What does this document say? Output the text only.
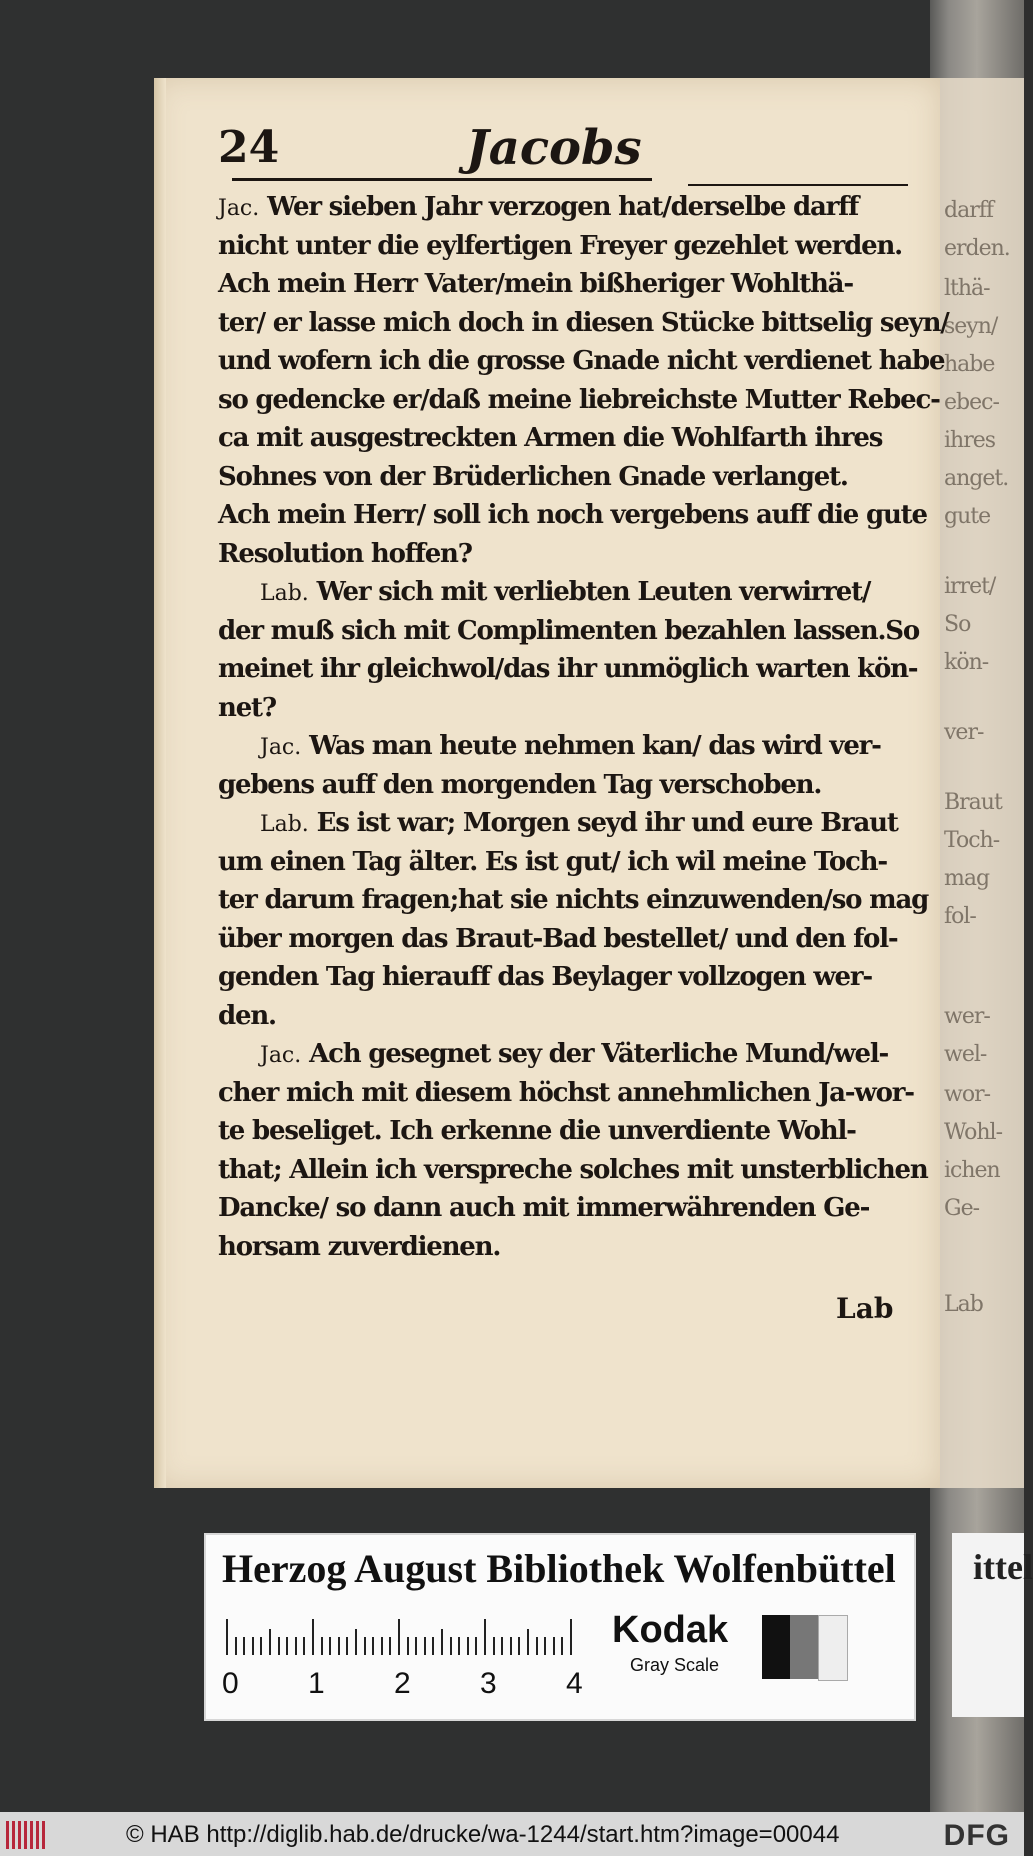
darff
erden.
lthä-
seyn/
habe
ebec-
ihres
anget.
gute
irret/
So
kön-
ver-
Braut
Toch-
mag
fol-
wer-
wel-
wor-
Wohl-
ichen
Ge-
Lab
24	Jacobs
Jac. Wer sieben Jahr verzogen hat/derselbe darff
nicht unter die eylfertigen Freyer gezehlet werden.
Ach mein Herr Vater/mein bißheriger Wohlthä-
ter/ er lasse mich doch in diesen Stücke bittselig seyn/
und wofern ich die grosse Gnade nicht verdienet habe
so gedencke er/daß meine liebreichste Mutter Rebec-
ca mit ausgestreckten Armen die Wohlfarth ihres
Sohnes von der Brüderlichen Gnade verlanget.
Ach mein Herr/ soll ich noch vergebens auff die gute
Resolution hoffen?
Lab. Wer sich mit verliebten Leuten verwirret/
der muß sich mit Complimenten bezahlen lassen.So
meinet ihr gleichwol/das ihr unmöglich warten kön-
net?
Jac. Was man heute nehmen kan/ das wird ver-
gebens auff den morgenden Tag verschoben.
Lab. Es ist war; Morgen seyd ihr und eure Braut
um einen Tag älter. Es ist gut/ ich wil meine Toch-
ter darum fragen;hat sie nichts einzuwenden/so mag
über morgen das Braut-Bad bestellet/ und den fol-
genden Tag hierauff das Beylager vollzogen wer-
den.
Jac. Ach gesegnet sey der Väterliche Mund/wel-
cher mich mit diesem höchst annehmlichen Ja-wor-
te beseliget. Ich erkenne die unverdiente Wohl-
that; Allein ich verspreche solches mit unsterblichen
Dancke/ so dann auch mit immerwährenden Ge-
horsam zuverdienen.
Lab
Herzog August Bibliothek Wolfenbüttel
0 1 2 3 4
Kodak
Gray Scale
ittel
© HAB http://diglib.hab.de/drucke/wa-1244/start.htm?image=00044	DFG
